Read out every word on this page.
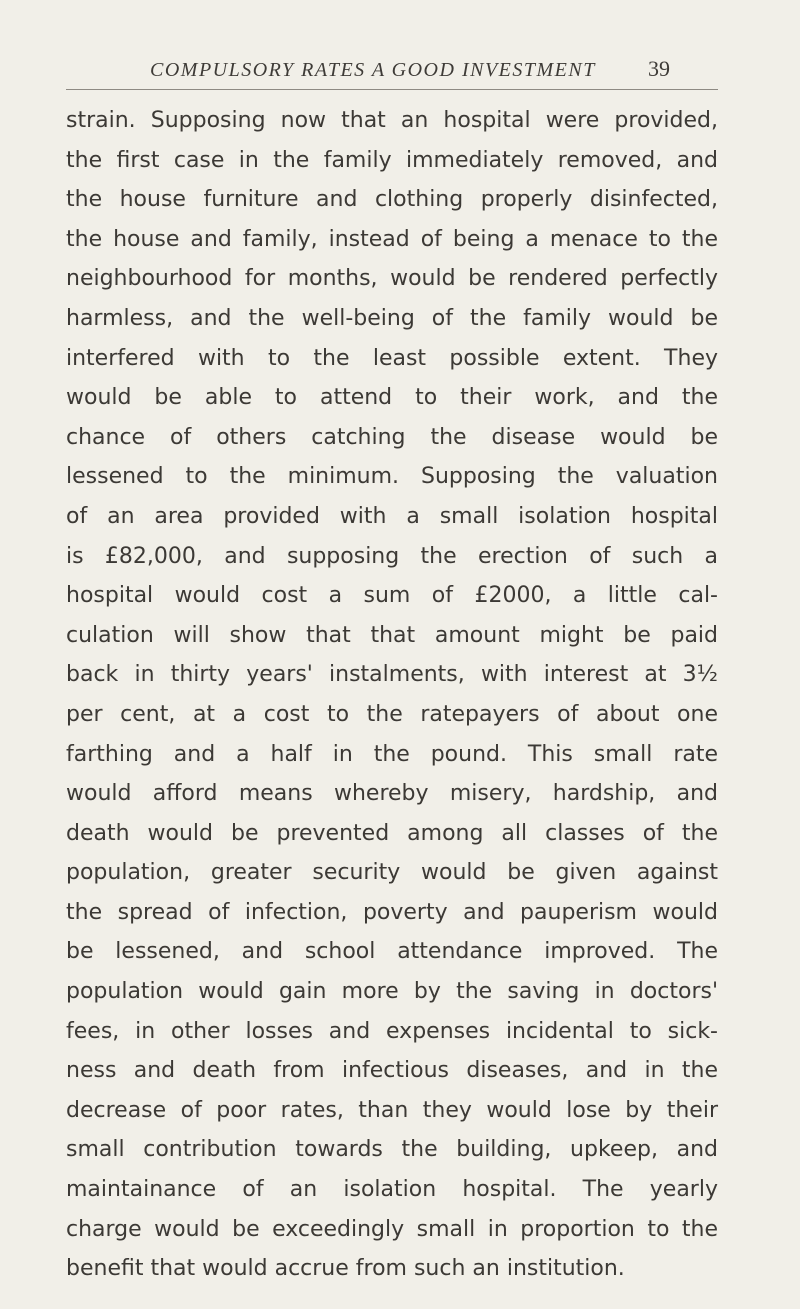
COMPULSORY RATES A GOOD INVESTMENT 39
strain. Supposing now that an hospital were provided,
the first case in the family immediately removed, and
the house furniture and clothing properly disinfected,
the house and family, instead of being a menace to the
neighbourhood for months, would be rendered perfectly
harmless, and the well-being of the family would be
interfered with to the least possible extent. They
would be able to attend to their work, and the
chance of others catching the disease would be
lessened to the minimum. Supposing the valuation
of an area provided with a small isolation hospital
is £82,000, and supposing the erection of such a
hospital would cost a sum of £2000, a little cal-
culation will show that that amount might be paid
back in thirty years' instalments, with interest at 3½
per cent, at a cost to the ratepayers of about one
farthing and a half in the pound. This small rate
would afford means whereby misery, hardship, and
death would be prevented among all classes of the
population, greater security would be given against
the spread of infection, poverty and pauperism would
be lessened, and school attendance improved. The
population would gain more by the saving in doctors'
fees, in other losses and expenses incidental to sick-
ness and death from infectious diseases, and in the
decrease of poor rates, than they would lose by their
small contribution towards the building, upkeep, and
maintainance of an isolation hospital. The yearly
charge would be exceedingly small in proportion to the
benefit that would accrue from such an institution.
